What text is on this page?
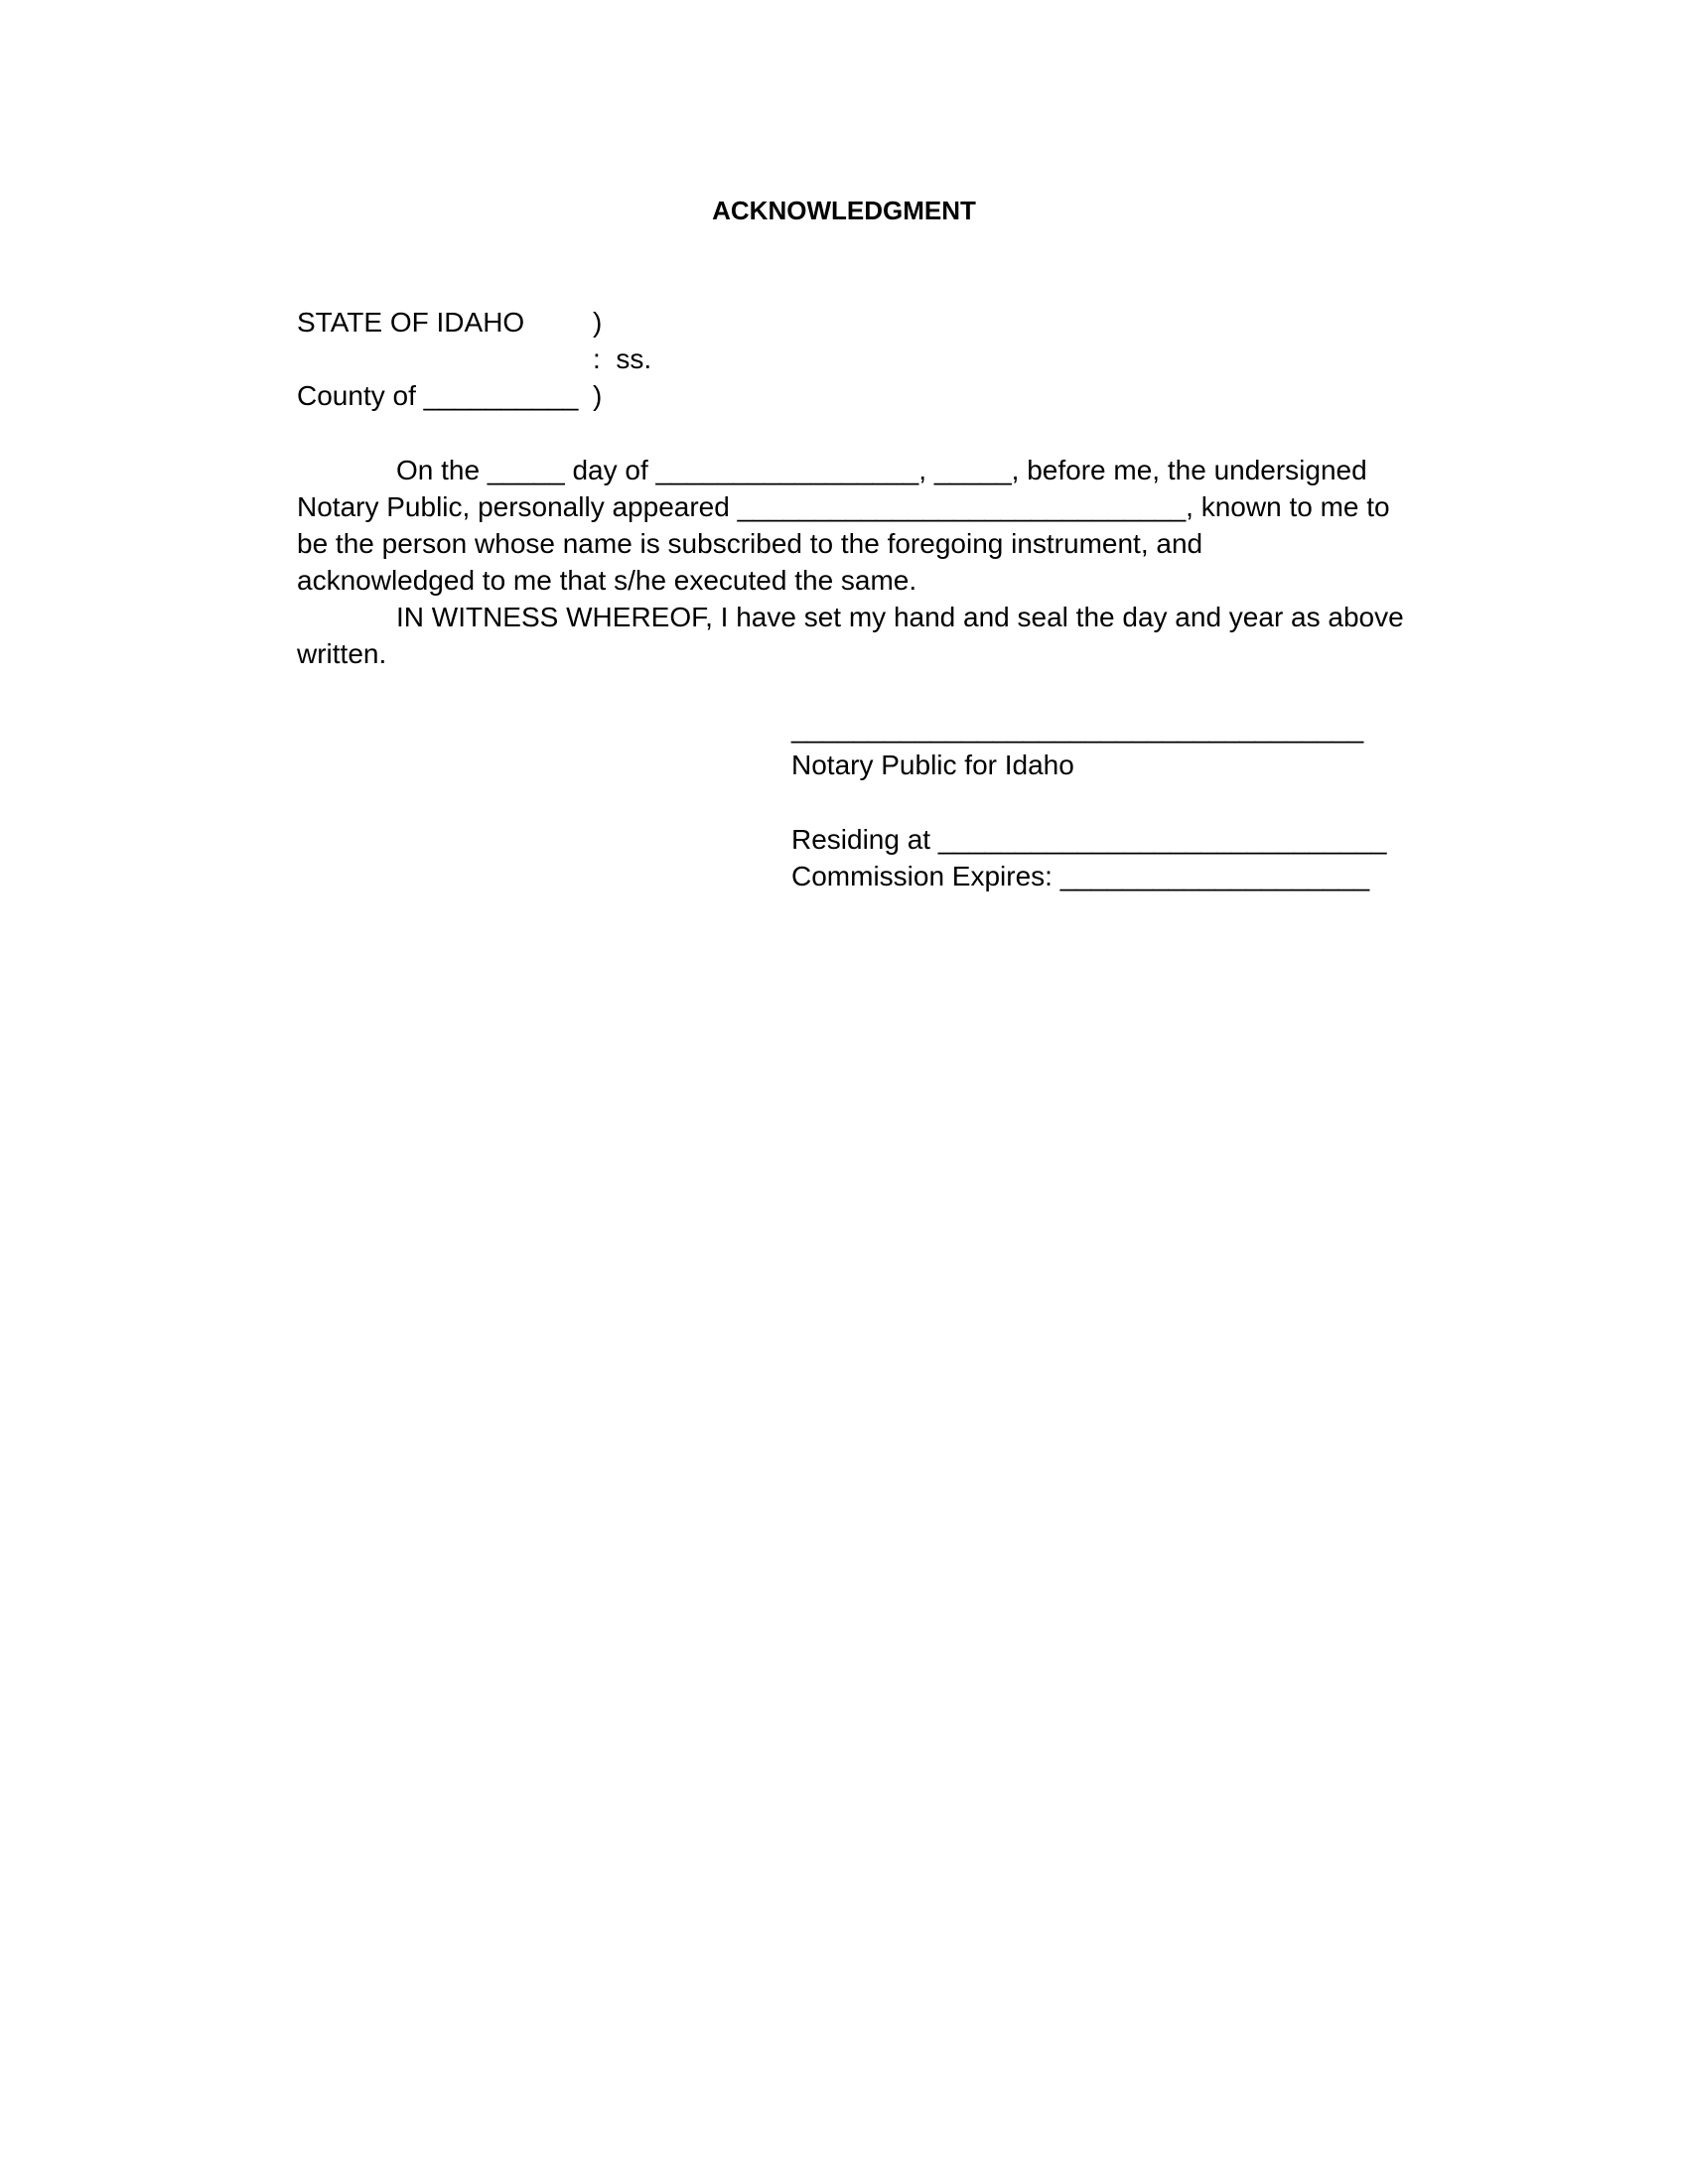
ACKNOWLEDGMENT
STATE OF IDAHO )
:  ss.
County of __________ )
On the _____ day of _________________, _____, before me, the undersigned
Notary Public, personally appeared _____________________________, known to me to
be the person whose name is subscribed to the foregoing instrument, and
acknowledged to me that s/he executed the same.
IN WITNESS WHEREOF, I have set my hand and seal the day and year as above
written.
_____________________________________
Notary Public for Idaho
Residing at _____________________________
Commission Expires: ____________________
